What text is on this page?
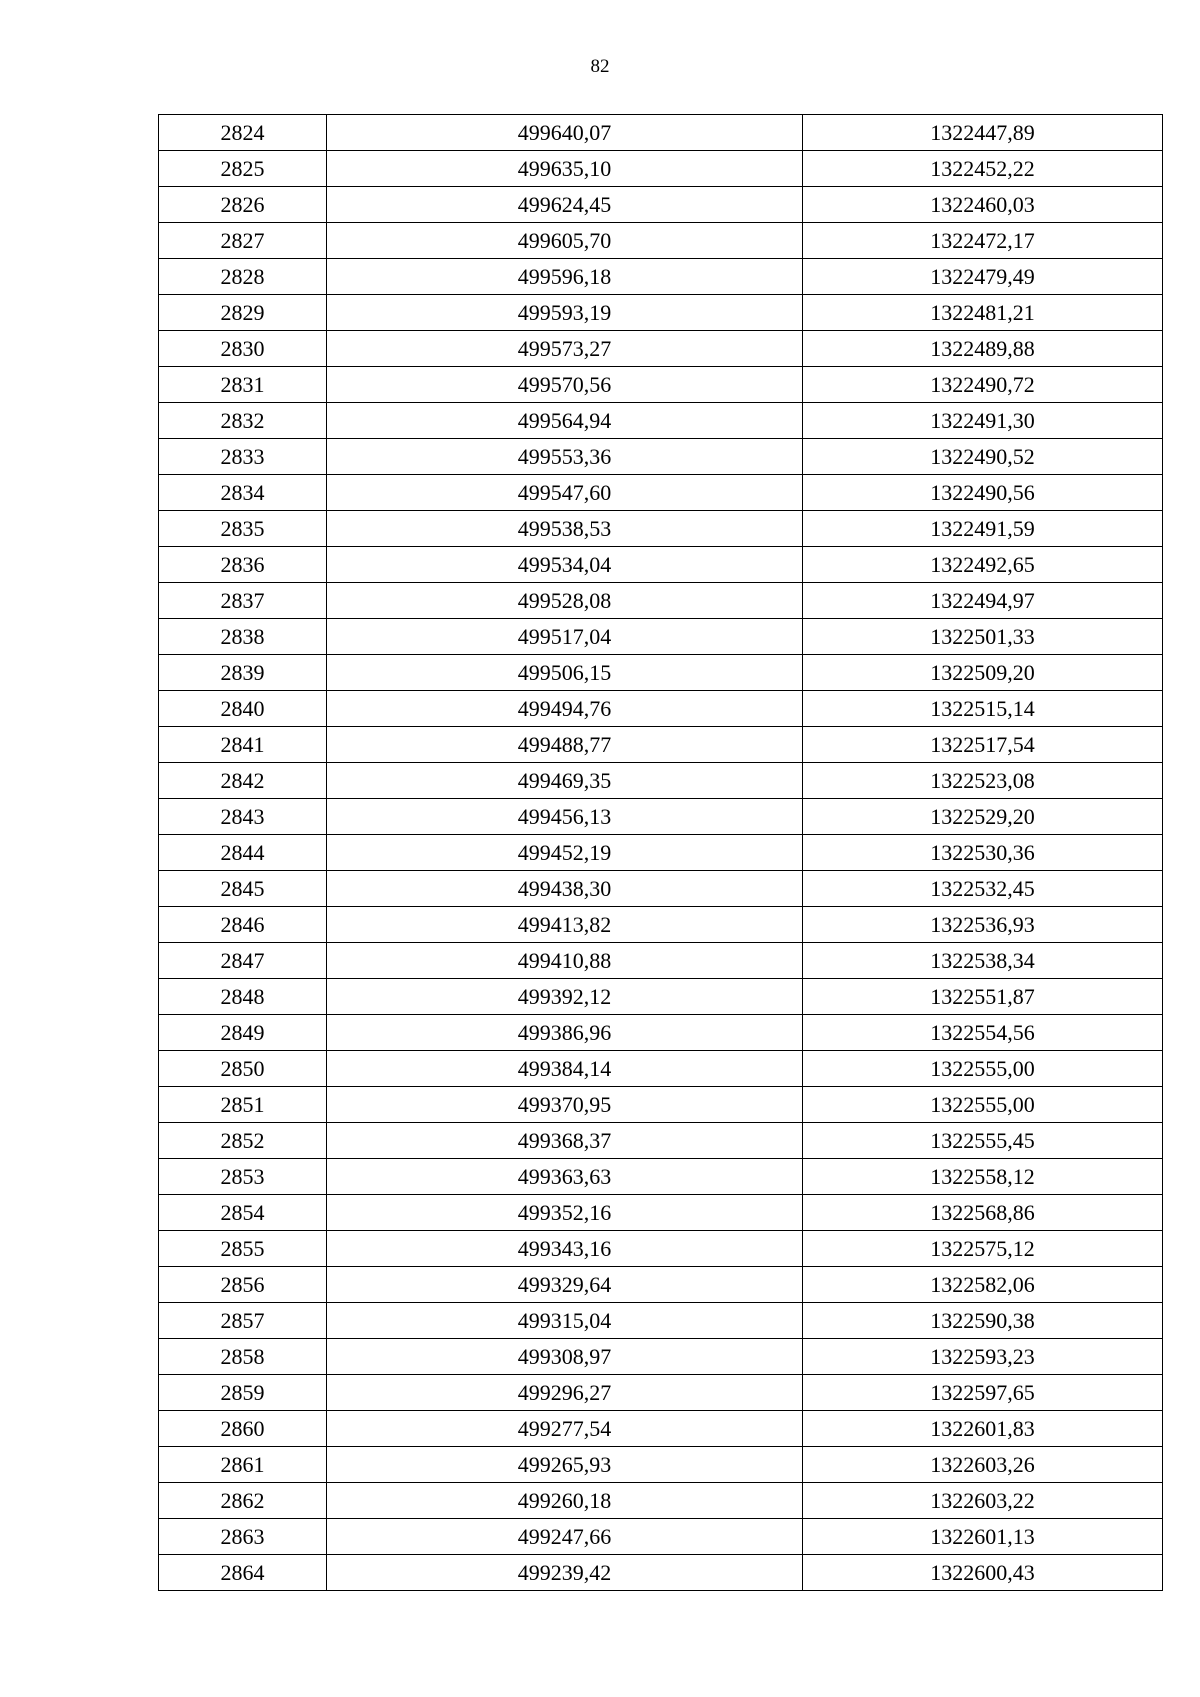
82
2824	499640,07	1322447,89
2825	499635,10	1322452,22
2826	499624,45	1322460,03
2827	499605,70	1322472,17
2828	499596,18	1322479,49
2829	499593,19	1322481,21
2830	499573,27	1322489,88
2831	499570,56	1322490,72
2832	499564,94	1322491,30
2833	499553,36	1322490,52
2834	499547,60	1322490,56
2835	499538,53	1322491,59
2836	499534,04	1322492,65
2837	499528,08	1322494,97
2838	499517,04	1322501,33
2839	499506,15	1322509,20
2840	499494,76	1322515,14
2841	499488,77	1322517,54
2842	499469,35	1322523,08
2843	499456,13	1322529,20
2844	499452,19	1322530,36
2845	499438,30	1322532,45
2846	499413,82	1322536,93
2847	499410,88	1322538,34
2848	499392,12	1322551,87
2849	499386,96	1322554,56
2850	499384,14	1322555,00
2851	499370,95	1322555,00
2852	499368,37	1322555,45
2853	499363,63	1322558,12
2854	499352,16	1322568,86
2855	499343,16	1322575,12
2856	499329,64	1322582,06
2857	499315,04	1322590,38
2858	499308,97	1322593,23
2859	499296,27	1322597,65
2860	499277,54	1322601,83
2861	499265,93	1322603,26
2862	499260,18	1322603,22
2863	499247,66	1322601,13
2864	499239,42	1322600,43
